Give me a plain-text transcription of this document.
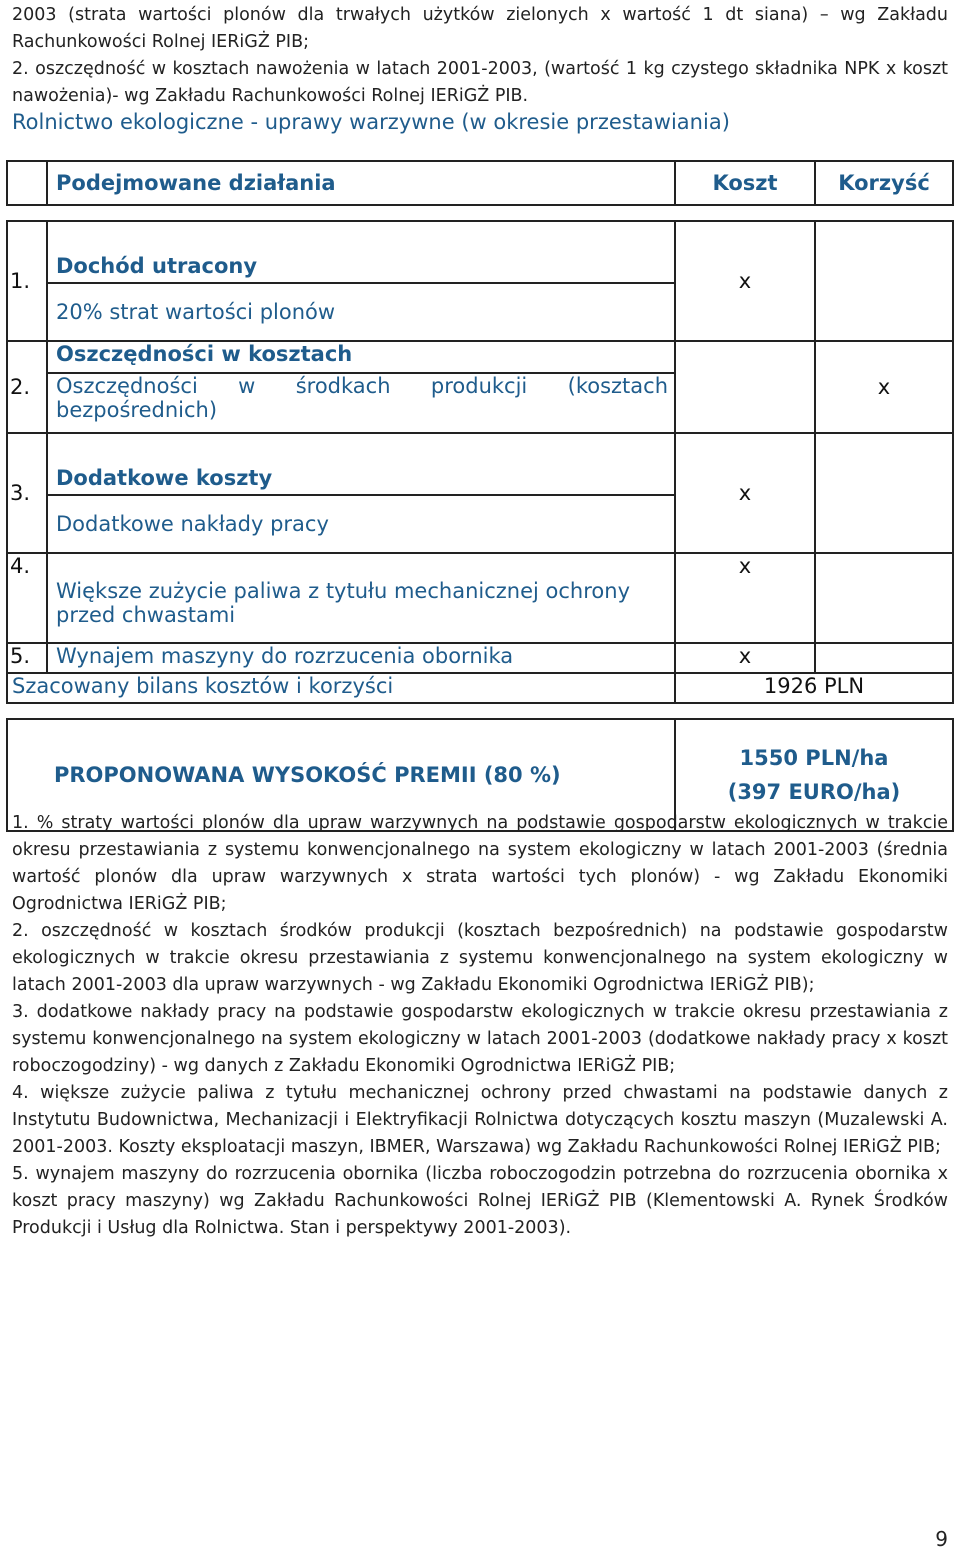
2003 (strata wartości plonów dla trwałych użytków zielonych x wartość 1 dt siana) – wg Zakładu Rachunkowości Rolnej IERiGŻ PIB;

2. oszczędność w kosztach nawożenia w latach 2001-2003, (wartość 1 kg czystego składnika NPK x koszt nawożenia)- wg Zakładu Rachunkowości Rolnej IERiGŻ PIB.

Rolnictwo ekologiczne - uprawy warzywne (w okresie przestawiania)
	Podejmowane działania	Koszt	Korzyść

1.	Dochód utracony	x	
	20% strat wartości plonów		
2.	Oszczędności w kosztach		x
	Oszczędności w środkach produkcji (kosztach bezpośrednich)		
3.	Dodatkowe koszty	x	
	Dodatkowe nakłady pracy		
4.	Większe zużycie paliwa z tytułu mechanicznej ochrony przed chwastami	x	
5.	Wynajem maszyny do rozrzucenia obornika	x	
Szacowany bilans kosztów i korzyści		1926 PLN	

PROPONOWANA WYSOKOŚĆ PREMII (80 %)		1550 PLN/ha
(397 EURO/ha)	

1. % straty wartości plonów dla upraw warzywnych na podstawie gospodarstw ekologicznych w trakcie okresu przestawiania z systemu konwencjonalnego na system ekologiczny w latach 2001-2003 (średnia wartość plonów dla upraw warzywnych x strata wartości tych plonów) - wg Zakładu Ekonomiki Ogrodnictwa IERiGŻ PIB;

2. oszczędność w kosztach środków produkcji (kosztach bezpośrednich) na podstawie gospodarstw ekologicznych w trakcie okresu przestawiania z systemu konwencjonalnego na system ekologiczny w latach 2001-2003 dla upraw warzywnych - wg Zakładu Ekonomiki Ogrodnictwa IERiGŻ PIB);

3. dodatkowe nakłady pracy na podstawie gospodarstw ekologicznych w trakcie okresu przestawiania z systemu konwencjonalnego na system ekologiczny w latach 2001-2003 (dodatkowe nakłady pracy x koszt roboczogodziny) - wg danych z Zakładu Ekonomiki Ogrodnictwa IERiGŻ PIB;

4. większe zużycie paliwa z tytułu mechanicznej ochrony przed chwastami na podstawie danych z Instytutu Budownictwa, Mechanizacji i Elektryfikacji Rolnictwa dotyczących kosztu maszyn (Muzalewski A. 2001-2003. Koszty eksploatacji maszyn, IBMER, Warszawa) wg Zakładu Rachunkowości Rolnej IERiGŻ PIB;

5. wynajem maszyny do rozrzucenia obornika (liczba roboczogodzin potrzebna do rozrzucenia obornika x koszt pracy maszyny) wg Zakładu Rachunkowości Rolnej IERiGŻ PIB (Klementowski A. Rynek Środków Produkcji i Usług dla Rolnictwa. Stan i perspektywy 2001-2003).

9
